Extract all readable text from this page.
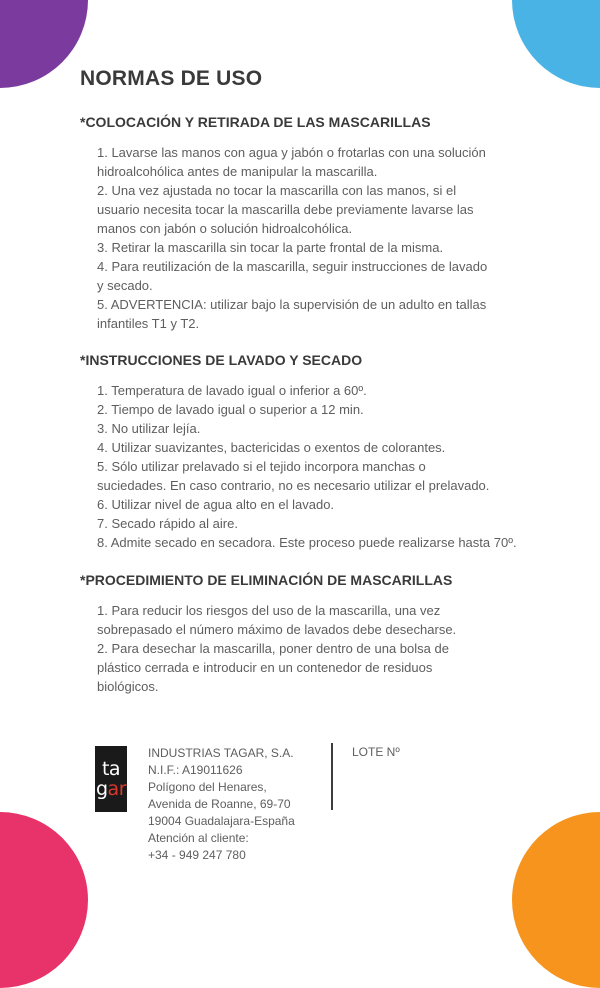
NORMAS DE USO
*COLOCACIÓN Y RETIRADA DE LAS MASCARILLAS
1. Lavarse las manos con agua y jabón o frotarlas con una solución
hidroalcohólica antes de manipular la mascarilla.
2. Una vez ajustada no tocar la mascarilla con las manos, si el
usuario necesita tocar la mascarilla debe previamente lavarse las
manos con jabón o solución hidroalcohólica.
3. Retirar la mascarilla sin tocar la parte frontal de la misma.
4. Para reutilización de la mascarilla, seguir instrucciones de lavado
y secado.
5. ADVERTENCIA: utilizar bajo la supervisión de un adulto en tallas
infantiles T1 y T2.
*INSTRUCCIONES DE LAVADO Y SECADO
1. Temperatura de lavado igual o inferior a 60º.
2. Tiempo de lavado igual o superior a 12 min.
3. No utilizar lejía.
4. Utilizar suavizantes, bactericidas o exentos de colorantes.
5. Sólo utilizar prelavado si el tejido incorpora manchas o
suciedades. En caso contrario, no es necesario utilizar el prelavado.
6. Utilizar nivel de agua alto en el lavado.
7. Secado rápido al aire.
8. Admite secado en secadora. Este proceso puede realizarse hasta 70º.
*PROCEDIMIENTO DE ELIMINACIÓN DE MASCARILLAS
1. Para reducir los riesgos del uso de la mascarilla, una vez
sobrepasado el número máximo de lavados debe desecharse.
2. Para desechar la mascarilla, poner dentro de una bolsa de
plástico cerrada e introducir en un contenedor de residuos
biológicos.
ta
gar
INDUSTRIAS TAGAR, S.A.
N.I.F.: A19011626
Polígono del Henares,
Avenida de Roanne, 69-70
19004 Guadalajara-España
Atención al cliente:
+34 - 949 247 780
LOTE Nº
